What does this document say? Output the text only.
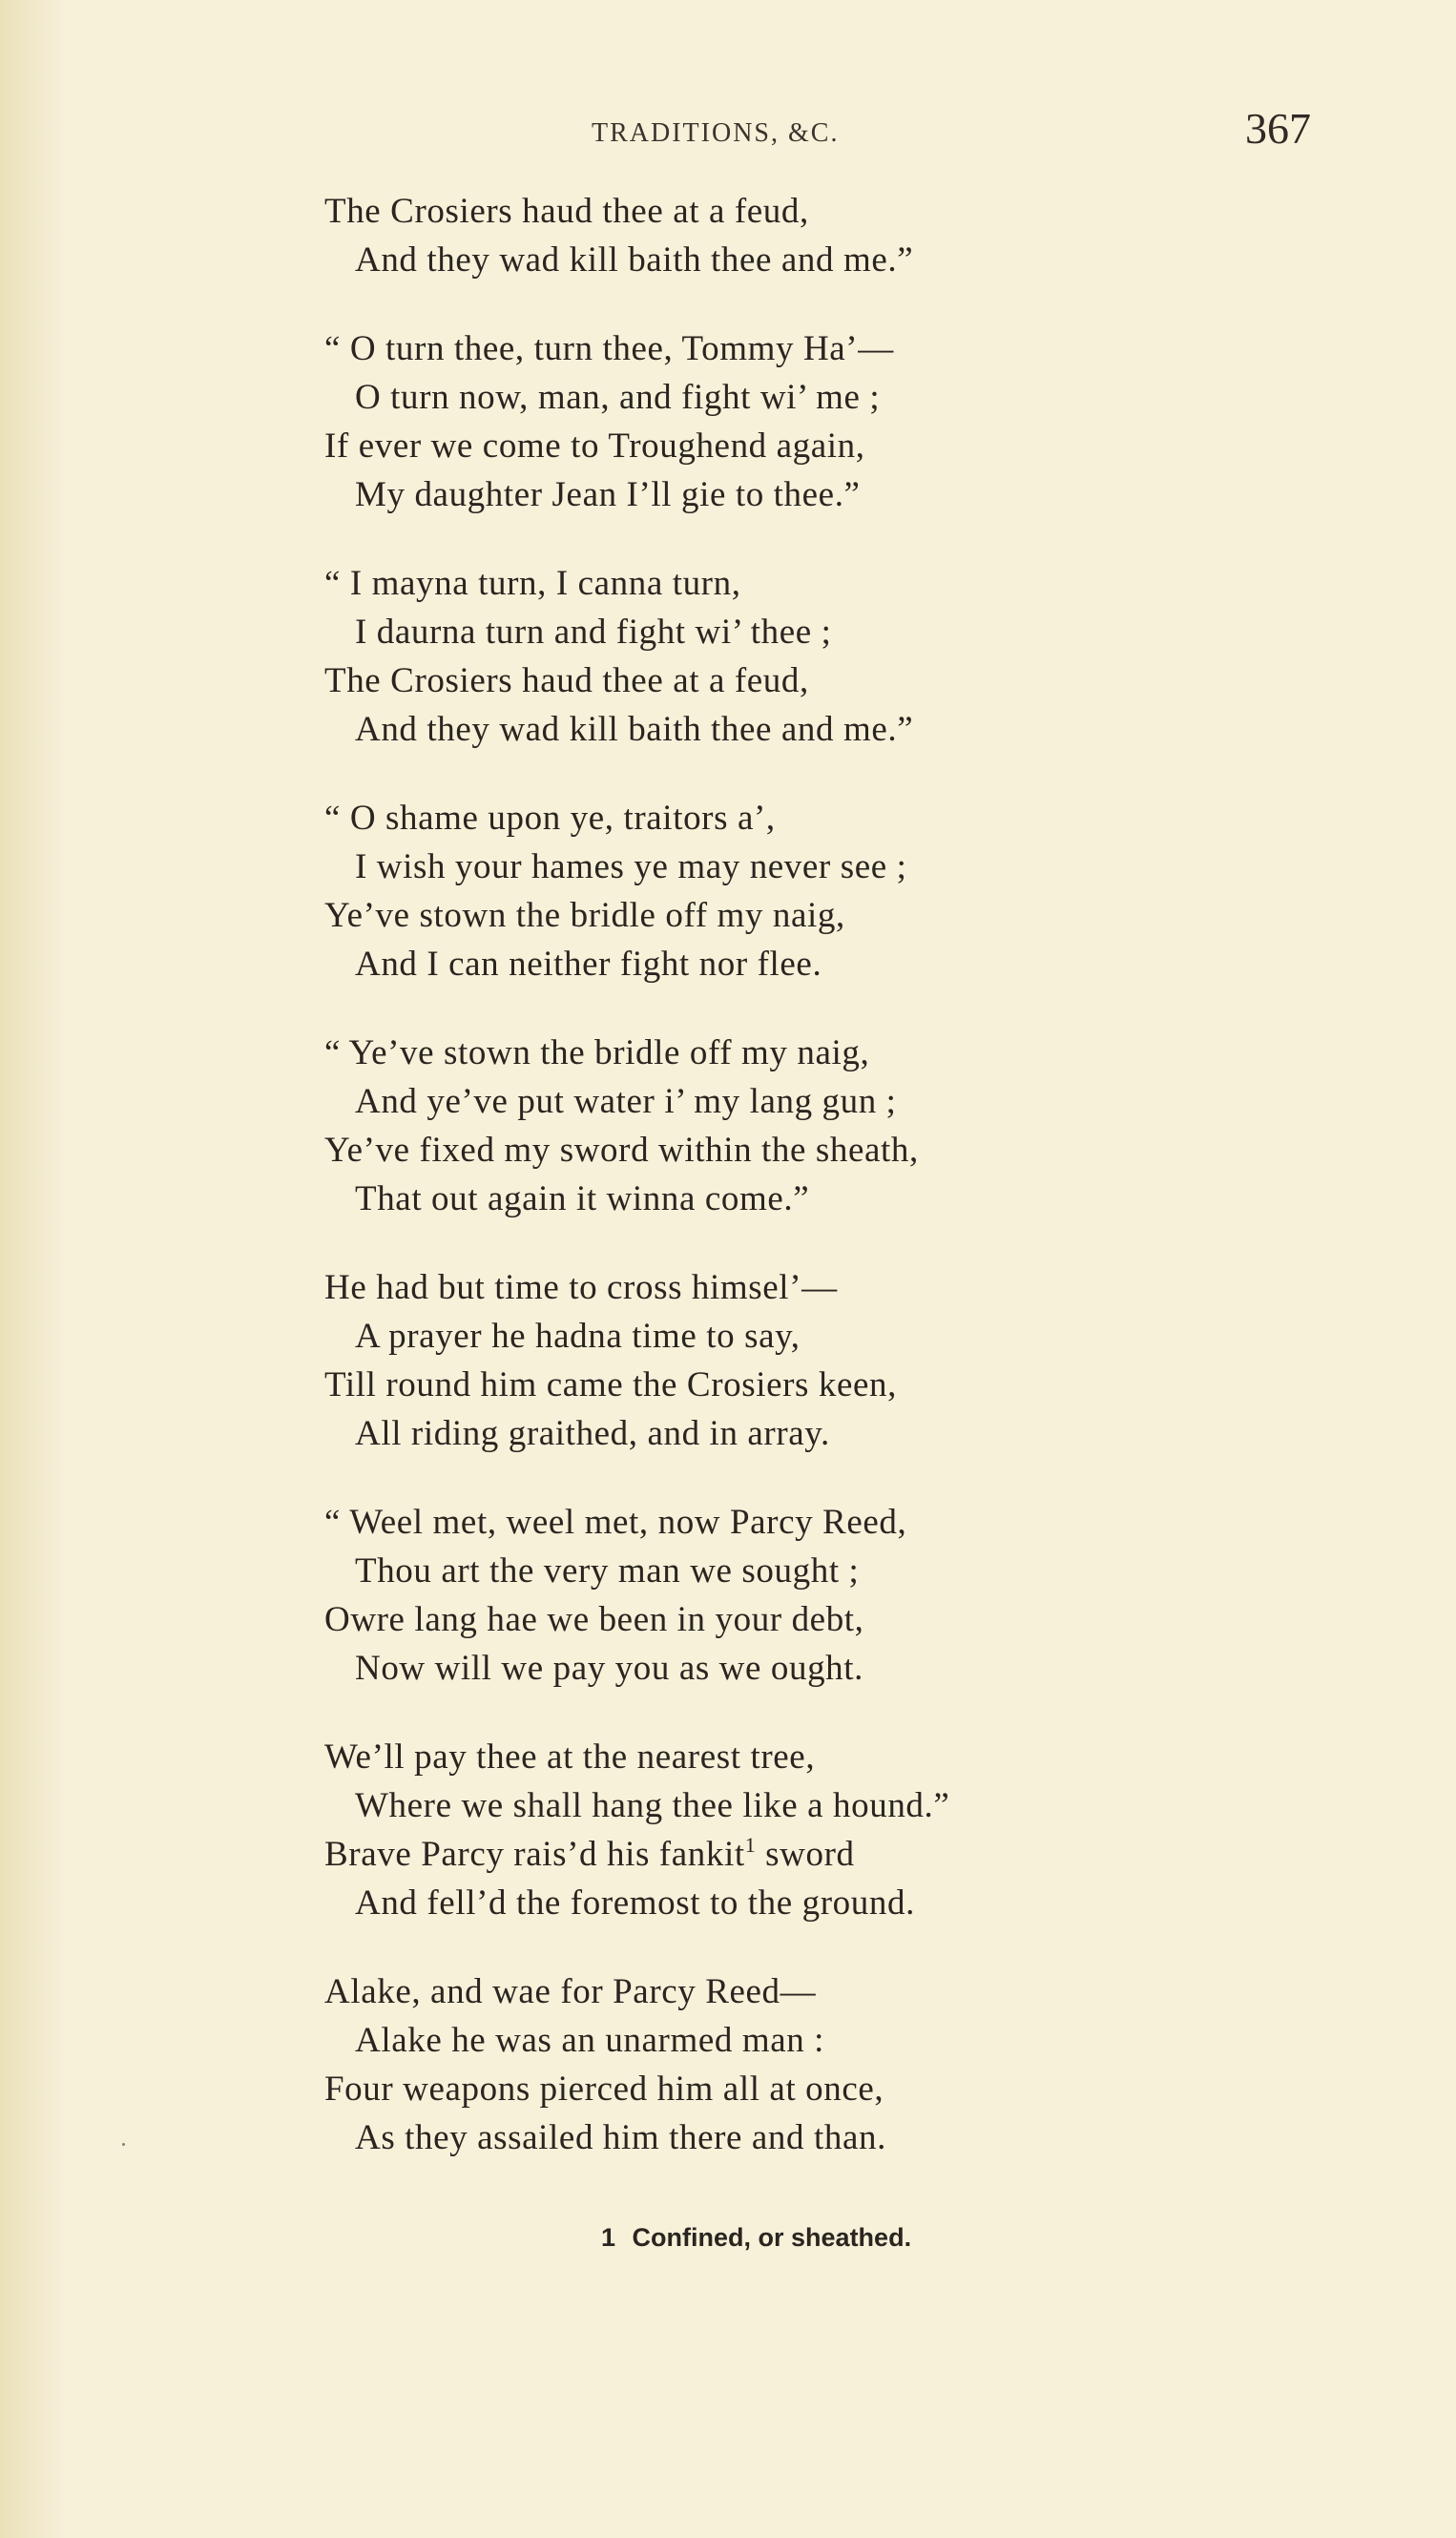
TRADITIONS, &C.	367
The Crosiers haud thee at a feud,
And they wad kill baith thee and me.”
“ O turn thee, turn thee, Tommy Ha’—
O turn now, man, and fight wi’ me ;
If ever we come to Troughend again,
My daughter Jean I’ll gie to thee.”
“ I mayna turn, I canna turn,
I daurna turn and fight wi’ thee ;
The Crosiers haud thee at a feud,
And they wad kill baith thee and me.”
“ O shame upon ye, traitors a’,
I wish your hames ye may never see ;
Ye’ve stown the bridle off my naig,
And I can neither fight nor flee.
“ Ye’ve stown the bridle off my naig,
And ye’ve put water i’ my lang gun ;
Ye’ve fixed my sword within the sheath,
That out again it winna come.”
He had but time to cross himsel’—
A prayer he hadna time to say,
Till round him came the Crosiers keen,
All riding graithed, and in array.
“ Weel met, weel met, now Parcy Reed,
Thou art the very man we sought ;
Owre lang hae we been in your debt,
Now will we pay you as we ought.
We’ll pay thee at the nearest tree,
Where we shall hang thee like a hound.”
Brave Parcy rais’d his fankit$^1$ sword
And fell’d the foremost to the ground.
Alake, and wae for Parcy Reed—
Alake he was an unarmed man :
Four weapons pierced him all at once,
As they assailed him there and than.
1 Confined, or sheathed.
